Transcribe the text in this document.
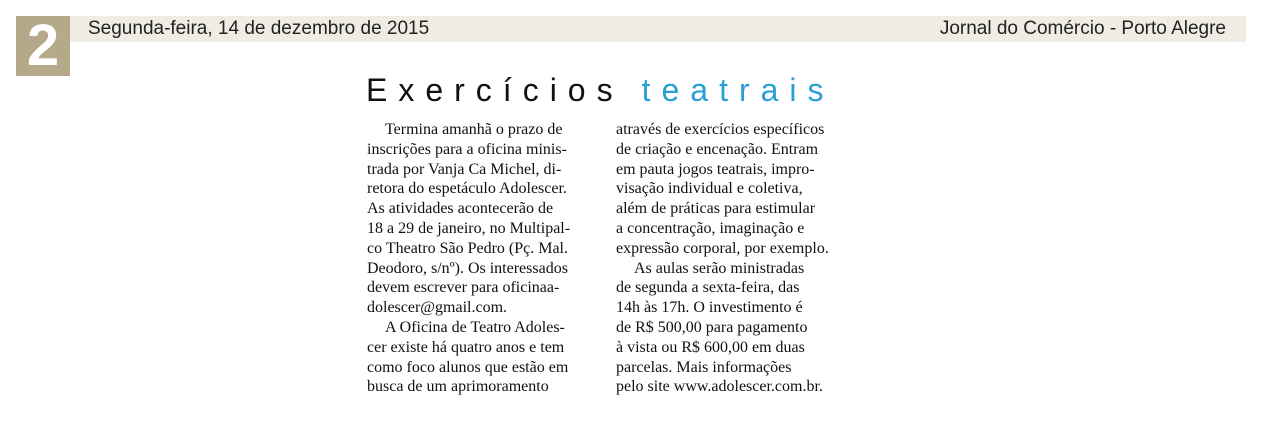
2	Segunda-feira, 14 de dezembro de 2015	Jornal do Comércio - Porto Alegre
Exercícios teatrais
Termina amanhã o prazo de
inscrições para a oficina minis-
trada por Vanja Ca Michel, di-
retora do espetáculo Adolescer.
As atividades acontecerão de
18 a 29 de janeiro, no Multipal-
co Theatro São Pedro (Pç. Mal.
Deodoro, s/nº). Os interessados
devem escrever para oficinaa-
dolescer@gmail.com.
A Oficina de Teatro Adoles-
cer existe há quatro anos e tem
como foco alunos que estão em
busca de um aprimoramento
através de exercícios específicos
de criação e encenação. Entram
em pauta jogos teatrais, impro-
visação individual e coletiva,
além de práticas para estimular
a concentração, imaginação e
expressão corporal, por exemplo.
As aulas serão ministradas
de segunda a sexta-feira, das
14h às 17h. O investimento é
de R$ 500,00 para pagamento
à vista ou R$ 600,00 em duas
parcelas. Mais informações
pelo site www.adolescer.com.br.
